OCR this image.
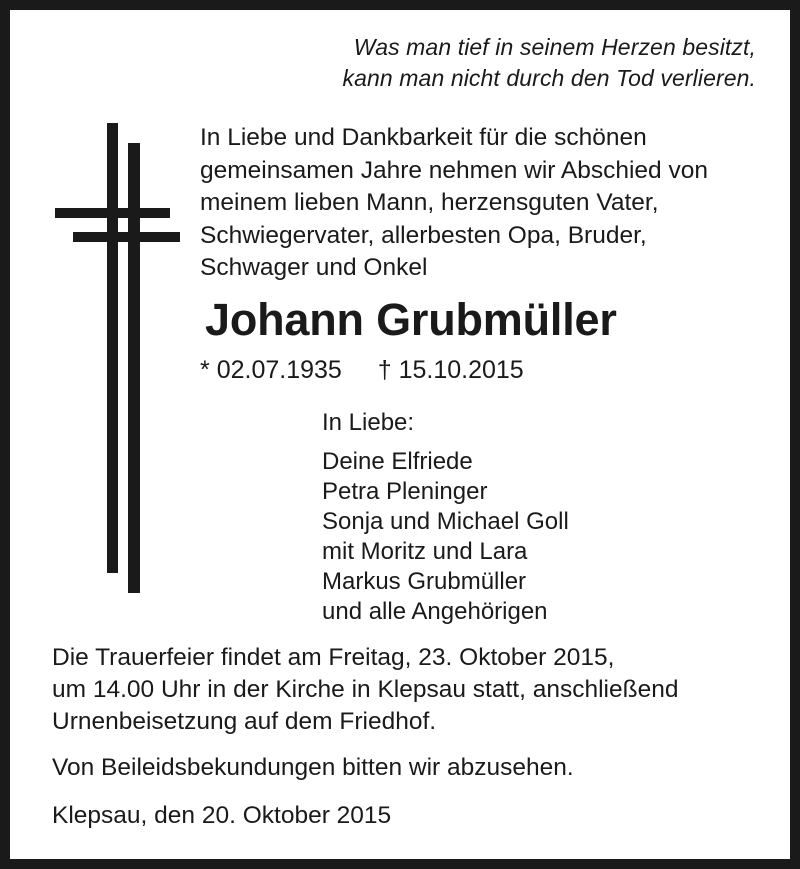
Was man tief in seinem Herzen besitzt,
kann man nicht durch den Tod verlieren.
In Liebe und Dankbarkeit für die schönen
gemeinsamen Jahre nehmen wir Abschied von
meinem lieben Mann, herzensguten Vater,
Schwiegervater, allerbesten Opa, Bruder,
Schwager und Onkel
Johann Grubmüller
* 02.07.1935 † 15.10.2015
In Liebe:
Deine Elfriede
Petra Pleninger
Sonja und Michael Goll
mit Moritz und Lara
Markus Grubmüller
und alle Angehörigen
Die Trauerfeier findet am Freitag, 23. Oktober 2015,
um 14.00 Uhr in der Kirche in Klepsau statt, anschließend
Urnenbeisetzung auf dem Friedhof.
Von Beileidsbekundungen bitten wir abzusehen.
Klepsau, den 20. Oktober 2015
